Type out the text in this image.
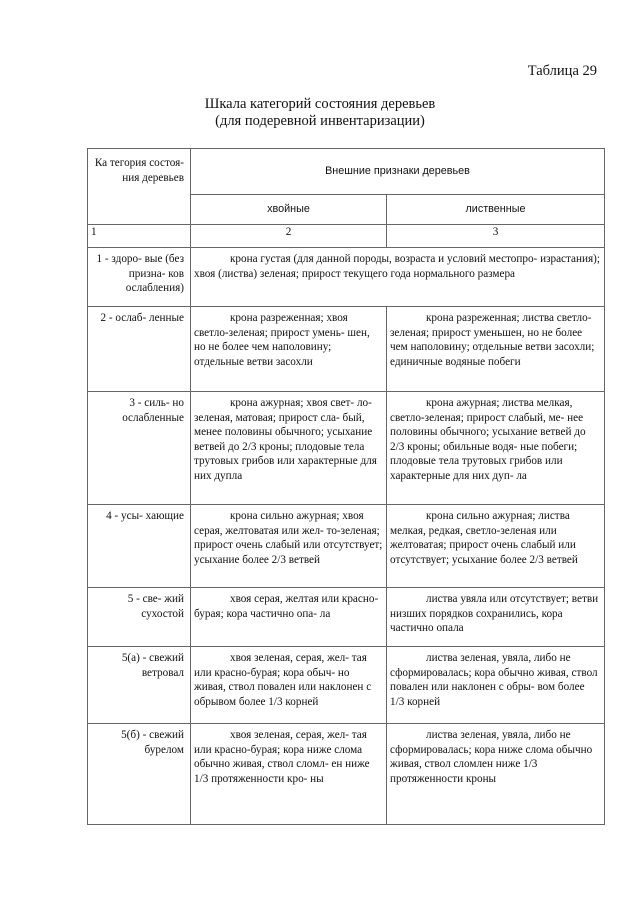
Таблица 29
Шкала категорий состояния деревьев
(для подеревной инвентаризации)
Ка тегория состоя- ния деревьев	Внешние признаки деревьев	
	хвойные	лиственные
1	2	3
1 - здоро- вые (без призна- ков ослабления)	крона густая (для данной породы, возраста и условий местопро- израстания); хвоя (листва) зеленая; прирост текущего года нормального размера	
2 - ослаб- ленные	крона разреженная; хвоя светло-зеленая; прирост умень- шен, но не более чем наполовину; отдельные ветви засохли	крона разреженная; листва светло-зеленая; прирост уменьшен, но не более чем наполовину; отдельные ветви засохли; единичные водяные побеги
3 - силь- но ослабленные	крона ажурная; хвоя свет- ло-зеленая, матовая; прирост сла- бый, менее половины обычного; усыхание ветвей до 2/3 кроны; плодовые тела трутовых грибов или характерные для них дупла	крона ажурная; листва мелкая, светло-зеленая; прирост слабый, ме- нее половины обычного; усыхание ветвей до 2/3 кроны; обильные водя- ные побеги; плодовые тела трутовых грибов или характерные для них дуп- ла
4 - усы- хающие	крона сильно ажурная; хвоя серая, желтоватая или жел- то-зеленая; прирост очень слабый или отсутствует; усыхание более 2/3 ветвей	крона сильно ажурная; листва мелкая, редкая, светло-зеленая или желтоватая; прирост очень слабый или отсутствует; усыхание более 2/3 ветвей
5 - све- жий сухостой	хвоя серая, желтая или красно-бурая; кора частично опа- ла	листва увяла или отсутствует; ветви низших порядков сохранились, кора частично опала
5(а) - свежий ветровал	хвоя зеленая, серая, жел- тая или красно-бурая; кора обыч- но живая, ствол повален или наклонен с обрывом более 1/3 корней	листва зеленая, увяла, либо не сформировалась; кора обычно живая, ствол повален или наклонен с обры- вом более 1/3 корней
5(б) - свежий бурелом	хвоя зеленая, серая, жел- тая или красно-бурая; кора ниже слома обычно живая, ствол сломл- ен ниже 1/3 протяженности кро- ны	листва зеленая, увяла, либо не сформировалась; кора ниже слома обычно живая, ствол сломлен ниже 1/3 протяженности кроны
